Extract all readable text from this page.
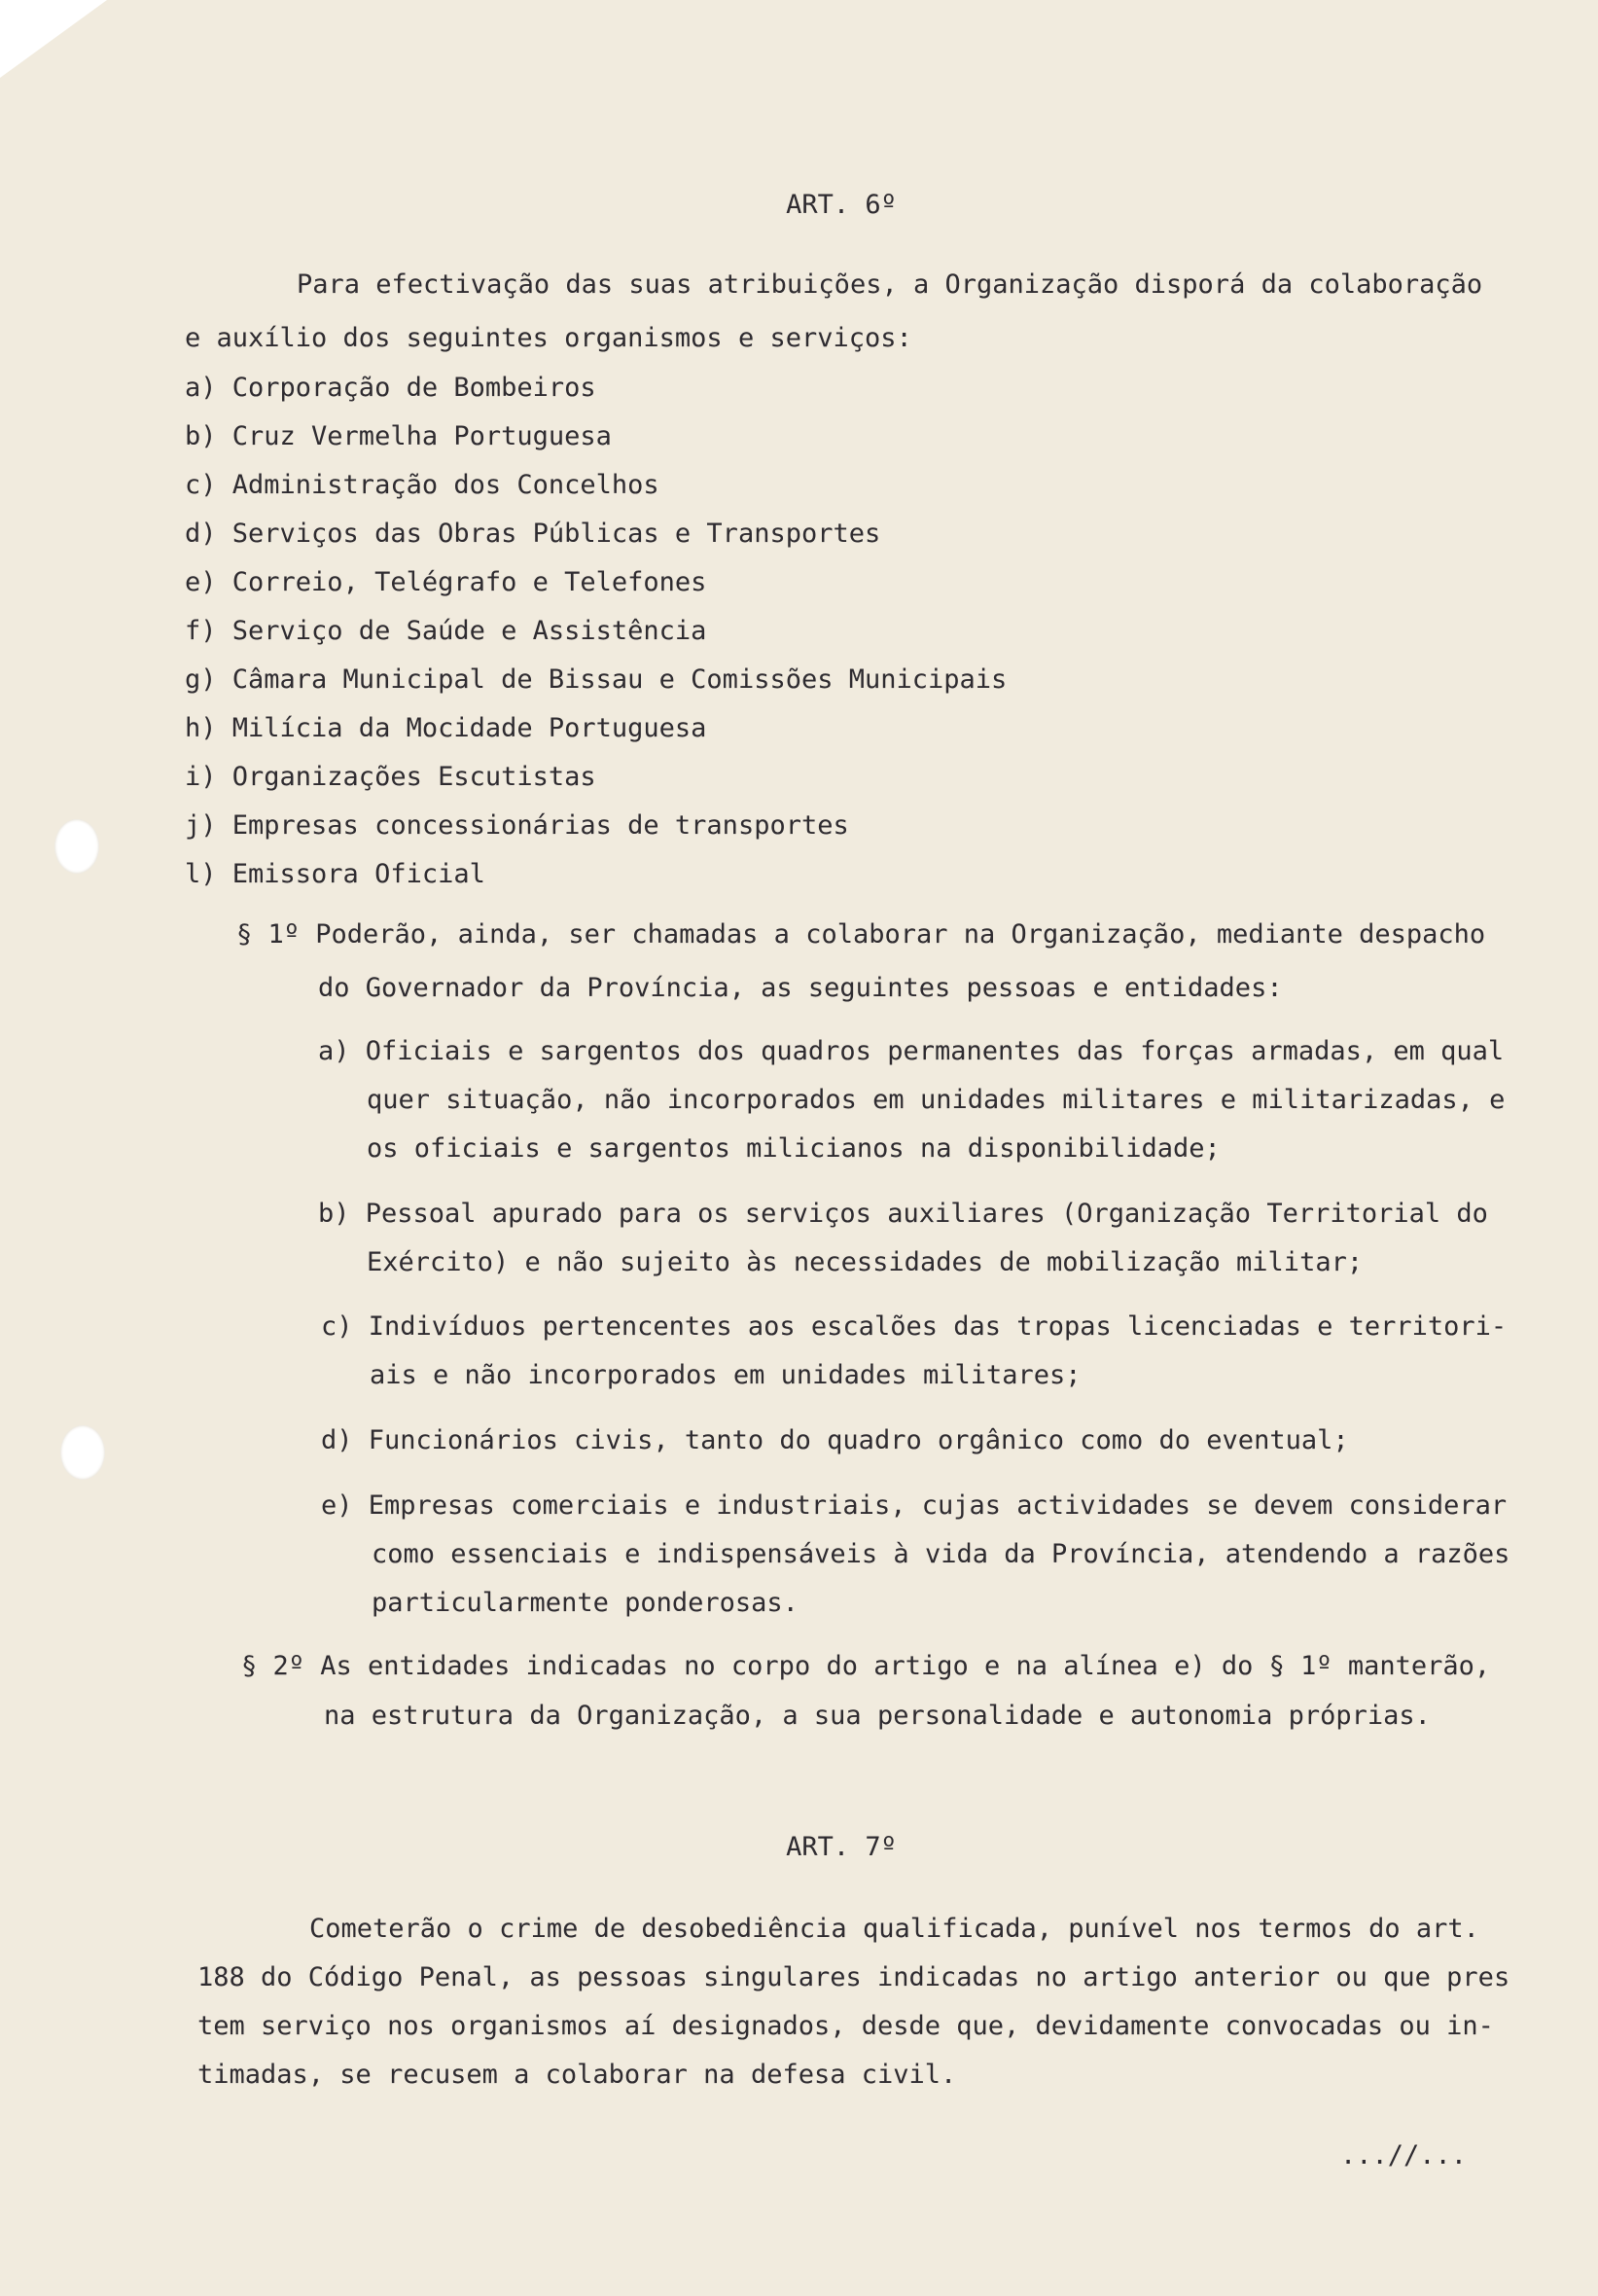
ART. 6º
Para efectivação das suas atribuições, a Organização disporá da colaboração
e auxílio dos seguintes organismos e serviços:
a) Corporação de Bombeiros
b) Cruz Vermelha Portuguesa
c) Administração dos Concelhos
d) Serviços das Obras Públicas e Transportes
e) Correio, Telégrafo e Telefones
f) Serviço de Saúde e Assistência
g) Câmara Municipal de Bissau e Comissões Municipais
h) Milícia da Mocidade Portuguesa
i) Organizações Escutistas
j) Empresas concessionárias de transportes
l) Emissora Oficial
§ 1º Poderão, ainda, ser chamadas a colaborar na Organização, mediante despacho
do Governador da Província, as seguintes pessoas e entidades:
a) Oficiais e sargentos dos quadros permanentes das forças armadas, em qual
quer situação, não incorporados em unidades militares e militarizadas, e
os oficiais e sargentos milicianos na disponibilidade;
b) Pessoal apurado para os serviços auxiliares (Organização Territorial do
Exército) e não sujeito às necessidades de mobilização militar;
c) Indivíduos pertencentes aos escalões das tropas licenciadas e territori-
ais e não incorporados em unidades militares;
d) Funcionários civis, tanto do quadro orgânico como do eventual;
e) Empresas comerciais e industriais, cujas actividades se devem considerar
como essenciais e indispensáveis à vida da Província, atendendo a razões
particularmente ponderosas.
§ 2º As entidades indicadas no corpo do artigo e na alínea e) do § 1º manterão,
na estrutura da Organização, a sua personalidade e autonomia próprias.
ART. 7º
Cometerão o crime de desobediência qualificada, punível nos termos do art.
188 do Código Penal, as pessoas singulares indicadas no artigo anterior ou que pres
tem serviço nos organismos aí designados, desde que, devidamente convocadas ou in-
timadas, se recusem a colaborar na defesa civil.
...//...
